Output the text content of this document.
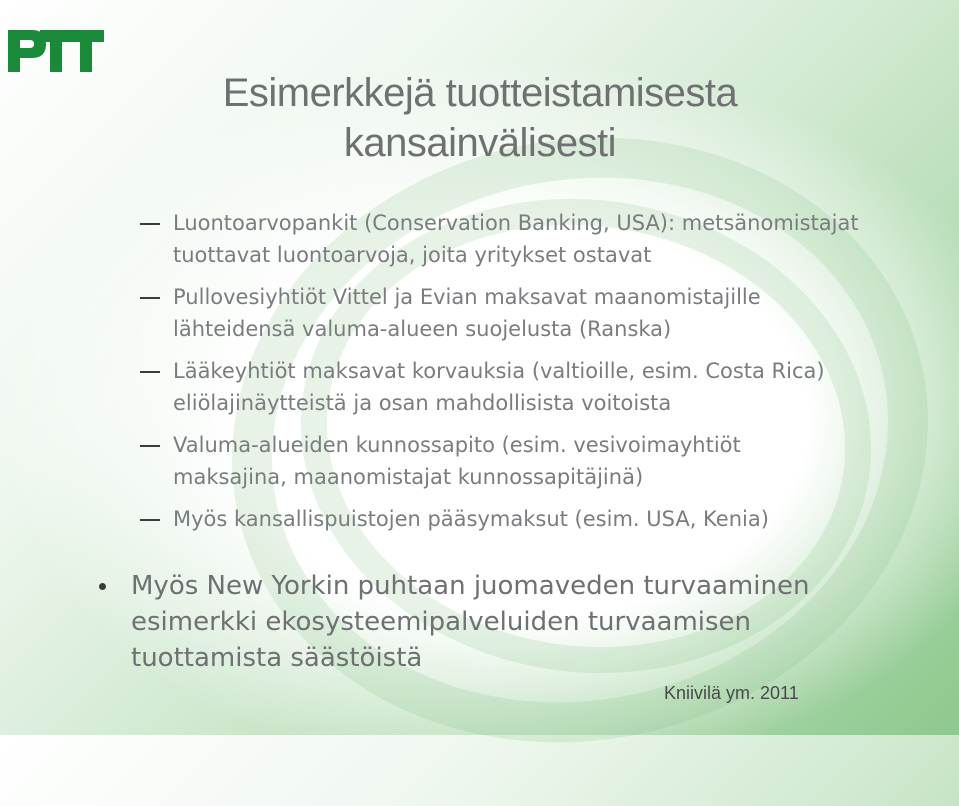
Esimerkkejä tuotteistamisesta
kansainvälisesti
Luontoarvopankit (Conservation Banking, USA): metsänomistajat tuottavat luontoarvoja, joita yritykset ostavat
Pullovesiyhtiöt Vittel ja Evian maksavat maanomistajille lähteidensä valuma-alueen suojelusta (Ranska)
Lääkeyhtiöt maksavat korvauksia (valtioille, esim. Costa Rica) eliölajinäytteistä ja osan mahdollisista voitoista
Valuma-alueiden kunnossapito (esim. vesivoimayhtiöt maksajina, maanomistajat kunnossapitäjinä)
Myös kansallispuistojen pääsymaksut (esim. USA, Kenia)
Myös New Yorkin puhtaan juomaveden turvaaminen esimerkki ekosysteemipalveluiden turvaamisen tuottamista säästöistä
Kniivilä ym. 2011
